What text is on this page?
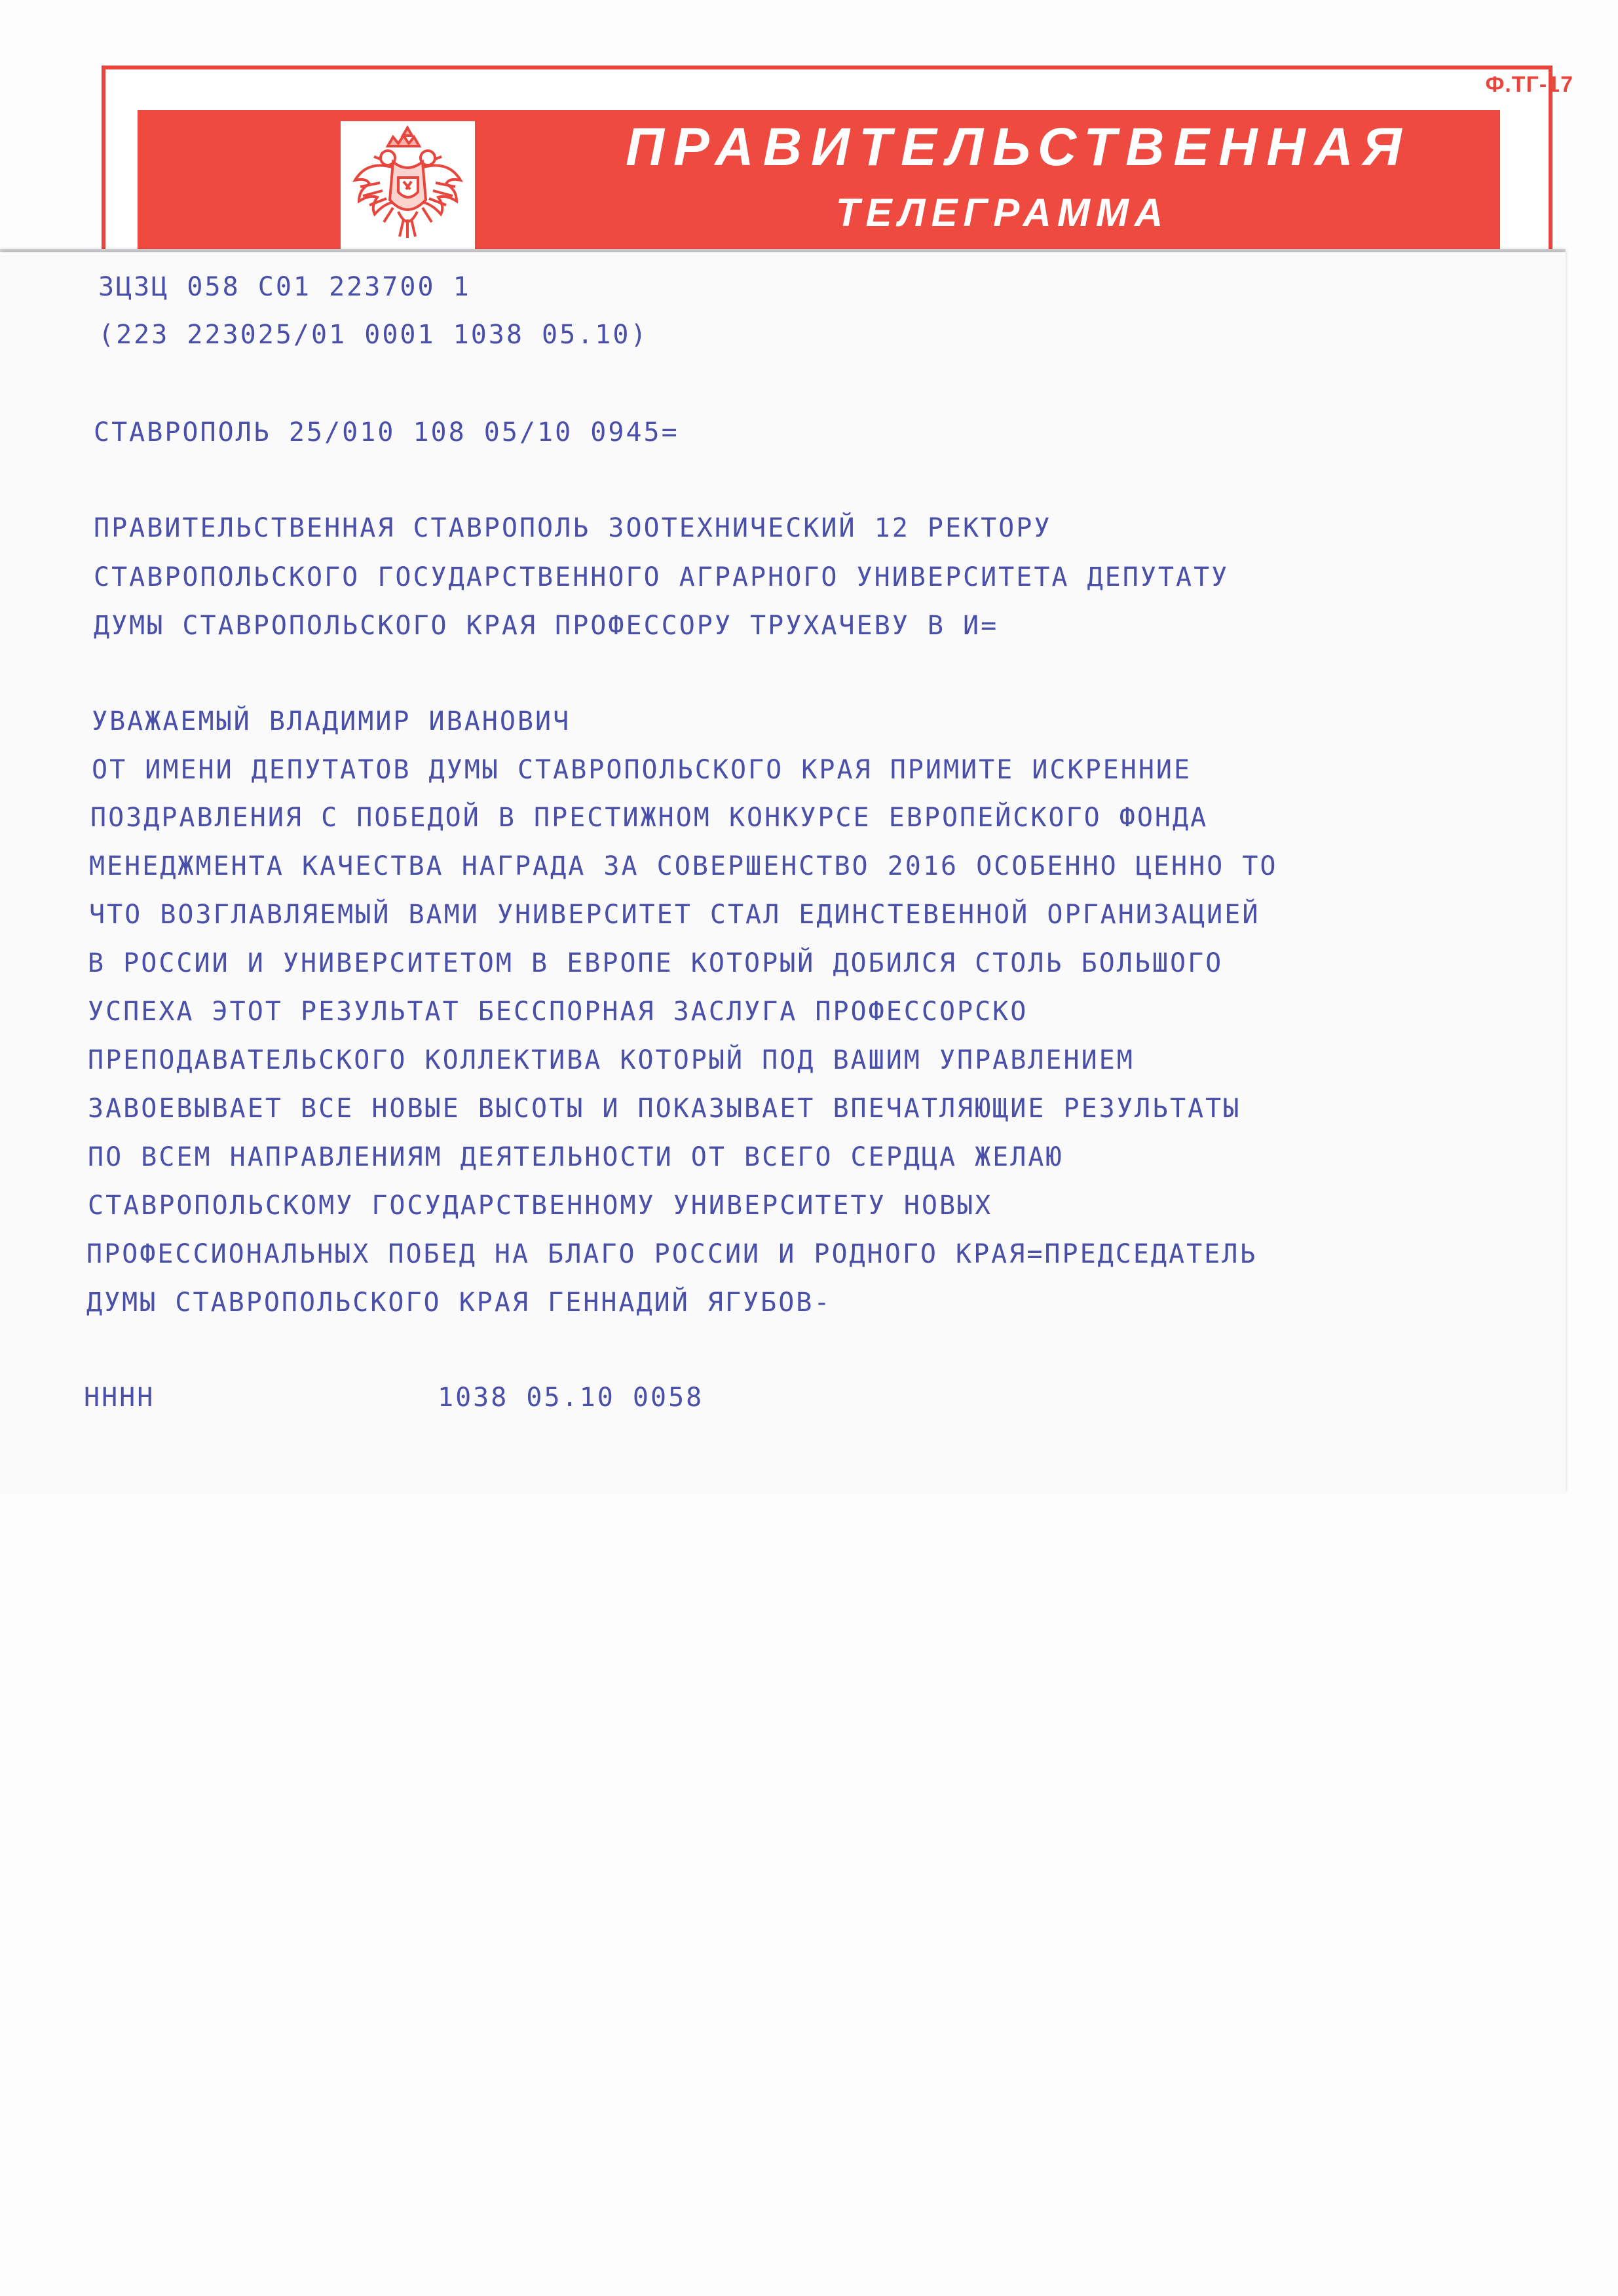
Ф.ТГ-17
ПРАВИТЕЛЬСТВЕННАЯ
ТЕЛЕГРАММА
ЗЦЗЦ 058 С01 223700 1
(223 223025/01 0001 1038 05.10)
СТАВРОПОЛЬ 25/010 108 05/10 0945=
ПРАВИТЕЛЬСТВЕННАЯ СТАВРОПОЛЬ ЗООТЕХНИЧЕСКИЙ 12 РЕКТОРУ
СТАВРОПОЛЬСКОГО ГОСУДАРСТВЕННОГО АГРАРНОГО УНИВЕРСИТЕТА ДЕПУТАТУ
ДУМЫ СТАВРОПОЛЬСКОГО КРАЯ ПРОФЕССОРУ ТРУХАЧЕВУ В И=
УВАЖАЕМЫЙ ВЛАДИМИР ИВАНОВИЧ
ОТ ИМЕНИ ДЕПУТАТОВ ДУМЫ СТАВРОПОЛЬСКОГО КРАЯ ПРИМИТЕ ИСКРЕННИЕ
ПОЗДРАВЛЕНИЯ С ПОБЕДОЙ В ПРЕСТИЖНОМ КОНКУРСЕ ЕВРОПЕЙСКОГО ФОНДА
МЕНЕДЖМЕНТА КАЧЕСТВА НАГРАДА ЗА СОВЕРШЕНСТВО 2016 ОСОБЕННО ЦЕННО ТО
ЧТО ВОЗГЛАВЛЯЕМЫЙ ВАМИ УНИВЕРСИТЕТ СТАЛ ЕДИНСТЕВЕННОЙ ОРГАНИЗАЦИЕЙ
В РОССИИ И УНИВЕРСИТЕТОМ В ЕВРОПЕ КОТОРЫЙ ДОБИЛСЯ СТОЛЬ БОЛЬШОГО
УСПЕХА ЭТОТ РЕЗУЛЬТАТ БЕССПОРНАЯ ЗАСЛУГА ПРОФЕССОРСКО
ПРЕПОДАВАТЕЛЬСКОГО КОЛЛЕКТИВА КОТОРЫЙ ПОД ВАШИМ УПРАВЛЕНИЕМ
ЗАВОЕВЫВАЕТ ВСЕ НОВЫЕ ВЫСОТЫ И ПОКАЗЫВАЕТ ВПЕЧАТЛЯЮЩИЕ РЕЗУЛЬТАТЫ
ПО ВСЕМ НАПРАВЛЕНИЯМ ДЕЯТЕЛЬНОСТИ ОТ ВСЕГО СЕРДЦА ЖЕЛАЮ
СТАВРОПОЛЬСКОМУ ГОСУДАРСТВЕННОМУ УНИВЕРСИТЕТУ НОВЫХ
ПРОФЕССИОНАЛЬНЫХ ПОБЕД НА БЛАГО РОССИИ И РОДНОГО КРАЯ=ПРЕДСЕДАТЕЛЬ
ДУМЫ СТАВРОПОЛЬСКОГО КРАЯ ГЕННАДИЙ ЯГУБОВ-
НННН	1038 05.10 0058
